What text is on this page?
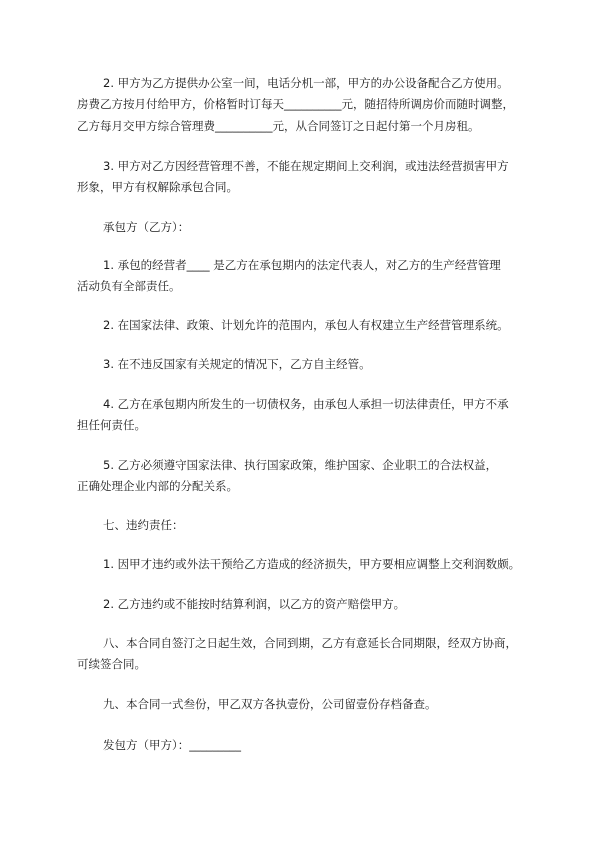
2. 甲方为乙方提供办公室一间，电话分机一部，甲方的办公设备配合乙方使用。
房费乙方按月付给甲方，价格暂时订每天__________元，随招待所调房价而随时调整，
乙方每月交甲方综合管理费__________元，从合同签订之日起付第一个月房租。
3. 甲方对乙方因经营管理不善，不能在规定期间上交利润，或违法经营损害甲方
形象，甲方有权解除承包合同。
承包方（乙方）：
1. 承包的经营者____ 是乙方在承包期内的法定代表人，对乙方的生产经营管理
活动负有全部责任。
2. 在国家法律、政策、计划允许的范围内，承包人有权建立生产经营管理系统。
3. 在不违反国家有关规定的情况下，乙方自主经管。
4. 乙方在承包期内所发生的一切债权务，由承包人承担一切法律责任，甲方不承
担任何责任。
5. 乙方必须遵守国家法律、执行国家政策，维护国家、企业职工的合法权益，
正确处理企业内部的分配关系。
七、违约责任：
1. 因甲才违约或外法干预给乙方造成的经济损失，甲方要相应调整上交利润数颇。
2. 乙方违约或不能按时结算利润，以乙方的资产赔偿甲方。
八、本合同自签汀之日起生效，合同到期，乙方有意延长合同期限，经双方协商，
可续签合同。
九、本合同一式叁份，甲乙双方各执壹份，公司留壹份存档备查。
发包方（甲方）：_________
